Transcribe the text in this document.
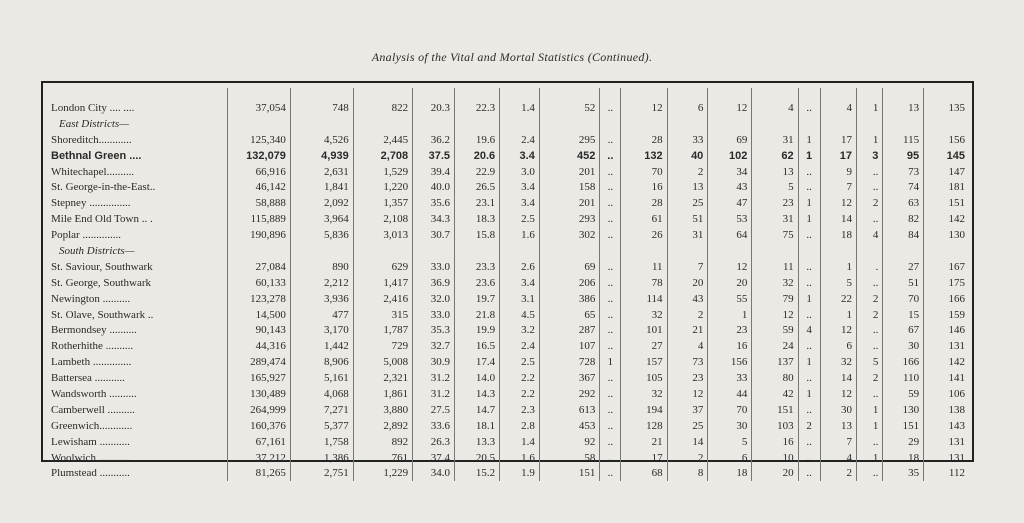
Analysis of the Vital and Mortal Statistics (Continued).
London City .... ....	37,054	748	822	20.3	22.3	1.4	52	..	12	6	12	4	..	4	1	13	135
East Districts—																	
Shoreditch............	125,340	4,526	2,445	36.2	19.6	2.4	295	..	28	33	69	31	1	17	1	115	156
Bethnal Green ....	132,079	4,939	2,708	37.5	20.6	3.4	452	..	132	40	102	62	1	17	3	95	145
Whitechapel..........	66,916	2,631	1,529	39.4	22.9	3.0	201	..	70	2	34	13	..	9	..	73	147
St. George-in-the-East..	46,142	1,841	1,220	40.0	26.5	3.4	158	..	16	13	43	5	..	7	..	74	181
Stepney ...............	58,888	2,092	1,357	35.6	23.1	3.4	201	..	28	25	47	23	1	12	2	63	151
Mile End Old Town .. .	115,889	3,964	2,108	34.3	18.3	2.5	293	..	61	51	53	31	1	14	..	82	142
Poplar ..............	190,896	5,836	3,013	30.7	15.8	1.6	302	..	26	31	64	75	..	18	4	84	130
South Districts—																	
St. Saviour, Southwark	27,084	890	629	33.0	23.3	2.6	69	..	11	7	12	11	..	1	.	27	167
St. George, Southwark	60,133	2,212	1,417	36.9	23.6	3.4	206	..	78	20	20	32	..	5	..	51	175
Newington ..........	123,278	3,936	2,416	32.0	19.7	3.1	386	..	114	43	55	79	1	22	2	70	166
St. Olave, Southwark ..	14,500	477	315	33.0	21.8	4.5	65	..	32	2	1	12	..	1	2	15	159
Bermondsey ..........	90,143	3,170	1,787	35.3	19.9	3.2	287	..	101	21	23	59	4	12	..	67	146
Rotherhithe ..........	44,316	1,442	729	32.7	16.5	2.4	107	..	27	4	16	24	..	6	..	30	131
Lambeth ..............	289,474	8,906	5,008	30.9	17.4	2.5	728	1	157	73	156	137	1	32	5	166	142
Battersea ...........	165,927	5,161	2,321	31.2	14.0	2.2	367	..	105	23	33	80	..	14	2	110	141
Wandsworth ..........	130,489	4,068	1,861	31.2	14.3	2.2	292	..	32	12	44	42	1	12	..	59	106
Camberwell ..........	264,999	7,271	3,880	27.5	14.7	2.3	613	..	194	37	70	151	..	30	1	130	138
Greenwich............	160,376	5,377	2,892	33.6	18.1	2.8	453	..	128	25	30	103	2	13	1	151	143
Lewisham ...........	67,161	1,758	892	26.3	13.3	1.4	92	..	21	14	5	16	..	7	..	29	131
Woolwich ............	37,212	1,386	761	37.4	20.5	1.6	58	..	17	2	6	10	..	4	1	18	131
Plumstead ...........	81,265	2,751	1,229	34.0	15.2	1.9	151	..	68	8	18	20	..	2	..	35	112
